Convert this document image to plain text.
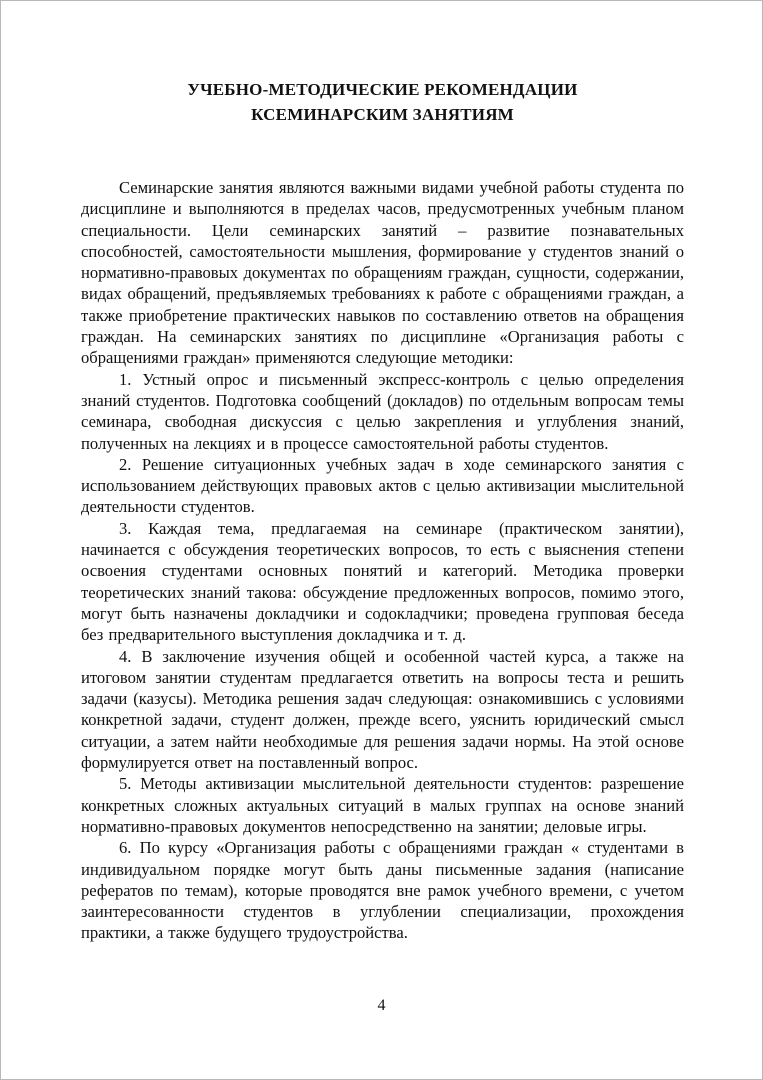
УЧЕБНО-МЕТОДИЧЕСКИЕ РЕКОМЕНДАЦИИ
КСЕМИНАРСКИМ ЗАНЯТИЯМ

Семинарские занятия являются важными видами учебной работы студента по дисциплине и выполняются в пределах часов, предусмотренных учебным планом специальности. Цели семинарских занятий – развитие познавательных способностей, самостоятельности мышления, формирование у студентов знаний о нормативно-правовых документах по обращениям граждан, сущности, содержании, видах обращений, предъявляемых требованиях к работе с обращениями граждан, а также приобретение практических навыков по составлению ответов на обращения граждан. На семинарских занятиях по дисциплине «Организация работы с обращениями граждан» применяются следующие методики:

1. Устный опрос и письменный экспресс-контроль с целью определения знаний студентов. Подготовка сообщений (докладов) по отдельным вопросам темы семинара, свободная дискуссия с целью закрепления и углубления знаний, полученных на лекциях и в процессе самостоятельной работы студентов.

2. Решение ситуационных учебных задач в ходе семинарского занятия с использованием действующих правовых актов с целью активизации мыслительной деятельности студентов.

3. Каждая тема, предлагаемая на семинаре (практическом занятии), начинается с обсуждения теоретических вопросов, то есть с выяснения степени освоения студентами основных понятий и категорий. Методика проверки теоретических знаний такова: обсуждение предложенных вопросов, помимо этого, могут быть назначены докладчики и содокладчики; проведена групповая беседа без предварительного выступления докладчика и т. д.

4. В заключение изучения общей и особенной частей курса, а также на итоговом занятии студентам предлагается ответить на вопросы теста и решить задачи (казусы). Методика решения задач следующая: ознакомившись с условиями конкретной задачи, студент должен, прежде всего, уяснить юридический смысл ситуации, а затем найти необходимые для решения задачи нормы. На этой основе формулируется ответ на поставленный вопрос.

5. Методы активизации мыслительной деятельности студентов: разрешение конкретных сложных актуальных ситуаций в малых группах на основе знаний нормативно-правовых документов непосредственно на занятии; деловые игры.

6. По курсу «Организация работы с обращениями граждан « студентами в индивидуальном порядке могут быть даны письменные задания (написание рефератов по темам), которые проводятся вне рамок учебного времени, с учетом заинтересованности студентов в углублении специализации, прохождения практики, а также будущего трудоустройства.

4
